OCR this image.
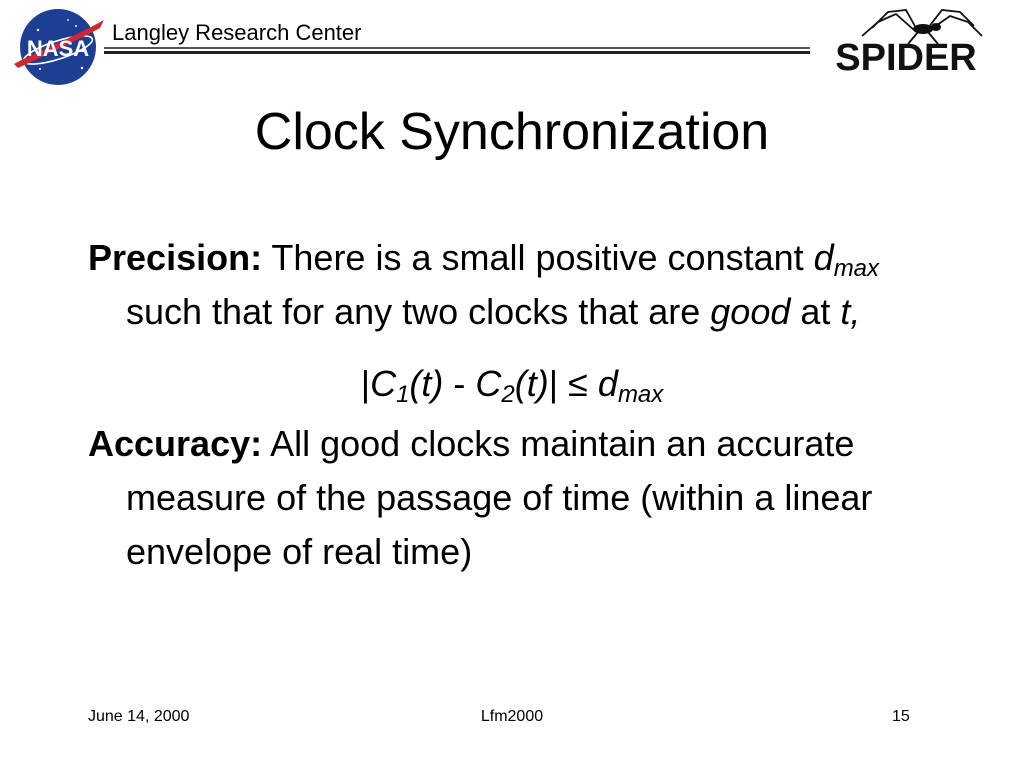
NASA
Langley Research Center
SPIDER
Clock Synchronization
Precision: There is a small positive constant $d_{max}$
such that for any two clocks that are good at t,
$|C_1(t) - C_2(t)| \le d_{max}$
Accuracy: All good clocks maintain an accurate
measure of the passage of time (within a linear
envelope of real time)
June 14, 2000	Lfm2000	15
